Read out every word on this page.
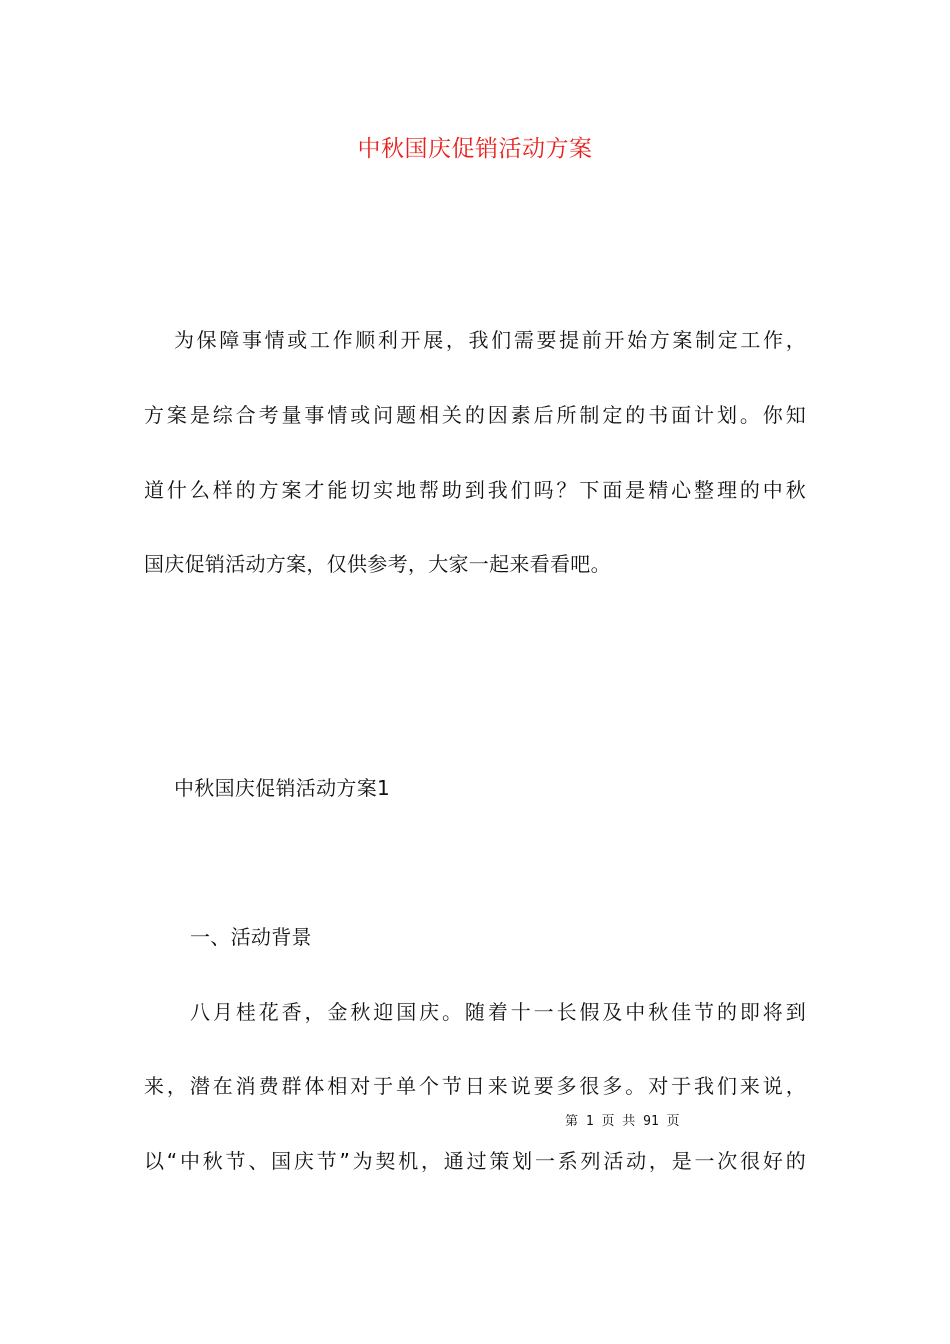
中秋国庆促销活动方案
为保障事情或工作顺利开展，我们需要提前开始方案制定工作，
方案是综合考量事情或问题相关的因素后所制定的书面计划。你知
道什么样的方案才能切实地帮助到我们吗？下面是精心整理的中秋
国庆促销活动方案，仅供参考，大家一起来看看吧。
中秋国庆促销活动方案1
一、活动背景
八月桂花香，金秋迎国庆。随着十一长假及中秋佳节的即将到
来，潜在消费群体相对于单个节日来说要多很多。对于我们来说，
第 1 页 共 91 页
以“中秋节、国庆节”为契机，通过策划一系列活动，是一次很好的
